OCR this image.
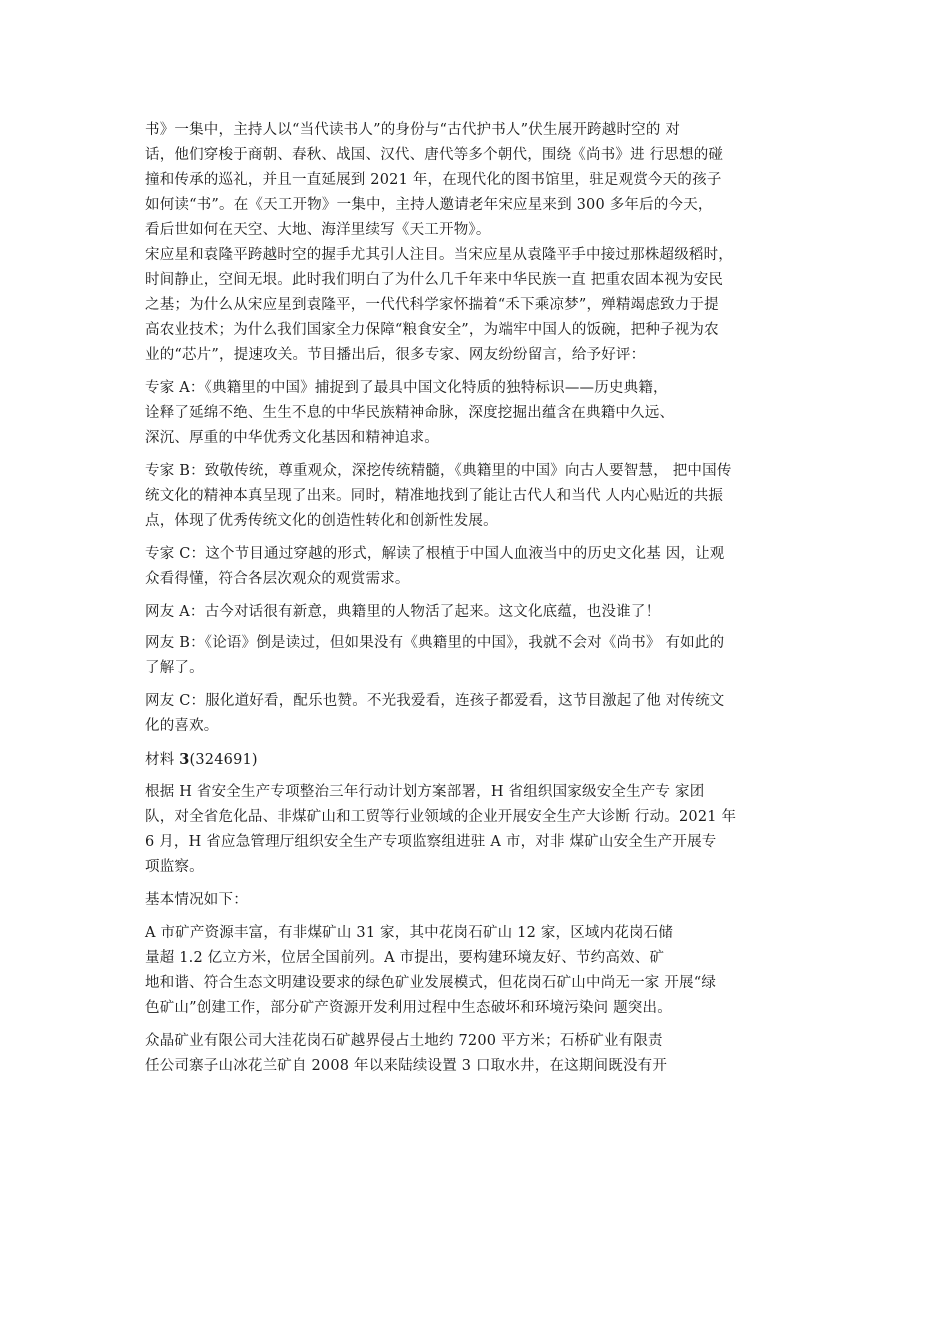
书》一集中，主持人以“当代读书人”的身份与“古代护书人”伏生展开跨越时空的 对
话，他们穿梭于商朝、春秋、战国、汉代、唐代等多个朝代，围绕《尚书》进 行思想的碰
撞和传承的巡礼，并且一直延展到 2021 年，在现代化的图书馆里，驻足观赏今天的孩子
如何读“书”。在《天工开物》一集中，主持人邀请老年宋应星来到 300 多年后的今天，
看后世如何在天空、大地、海洋里续写《天工开物》。
宋应星和袁隆平跨越时空的握手尤其引人注目。当宋应星从袁隆平手中接过那株超级稻时，
时间静止，空间无垠。此时我们明白了为什么几千年来中华民族一直 把重农固本视为安民
之基；为什么从宋应星到袁隆平，一代代科学家怀揣着“禾下乘凉梦”，殚精竭虑致力于提
高农业技术；为什么我们国家全力保障“粮食安全”，为端牢中国人的饭碗，把种子视为农
业的“芯片”，提速攻关。节目播出后，很多专家、网友纷纷留言，给予好评：
专家 A：《典籍里的中国》捕捉到了最具中国文化特质的独特标识——历史典籍，
诠释了延绵不绝、生生不息的中华民族精神命脉，深度挖掘出蕴含在典籍中久远、
深沉、厚重的中华优秀文化基因和精神追求。
专家 B：致敬传统，尊重观众，深挖传统精髓，《典籍里的中国》向古人要智慧， 把中国传
统文化的精神本真呈现了出来。同时，精准地找到了能让古代人和当代 人内心贴近的共振
点，体现了优秀传统文化的创造性转化和创新性发展。
专家 C：这个节目通过穿越的形式，解读了根植于中国人血液当中的历史文化基 因，让观
众看得懂，符合各层次观众的观赏需求。
网友 A：古今对话很有新意，典籍里的人物活了起来。这文化底蕴，也没谁了！
网友 B：《论语》倒是读过，但如果没有《典籍里的中国》，我就不会对《尚书》 有如此的
了解了。
网友 C：服化道好看，配乐也赞。不光我爱看，连孩子都爱看，这节目激起了他 对传统文
化的喜欢。
材料 3(324691)
根据 H 省安全生产专项整治三年行动计划方案部署，H 省组织国家级安全生产专 家团
队，对全省危化品、非煤矿山和工贸等行业领域的企业开展安全生产大诊断 行动。2021 年
6 月，H 省应急管理厅组织安全生产专项监察组进驻 A 市，对非 煤矿山安全生产开展专
项监察。
基本情况如下：
A 市矿产资源丰富，有非煤矿山 31 家，其中花岗石矿山 12 家，区域内花岗石储
量超 1.2 亿立方米，位居全国前列。A 市提出，要构建环境友好、节约高效、矿
地和谐、符合生态文明建设要求的绿色矿业发展模式，但花岗石矿山中尚无一家 开展“绿
色矿山”创建工作，部分矿产资源开发利用过程中生态破坏和环境污染问 题突出。
众晶矿业有限公司大洼花岗石矿越界侵占土地约 7200 平方米；石桥矿业有限责
任公司寨子山冰花兰矿自 2008 年以来陆续设置 3 口取水井，在这期间既没有开
